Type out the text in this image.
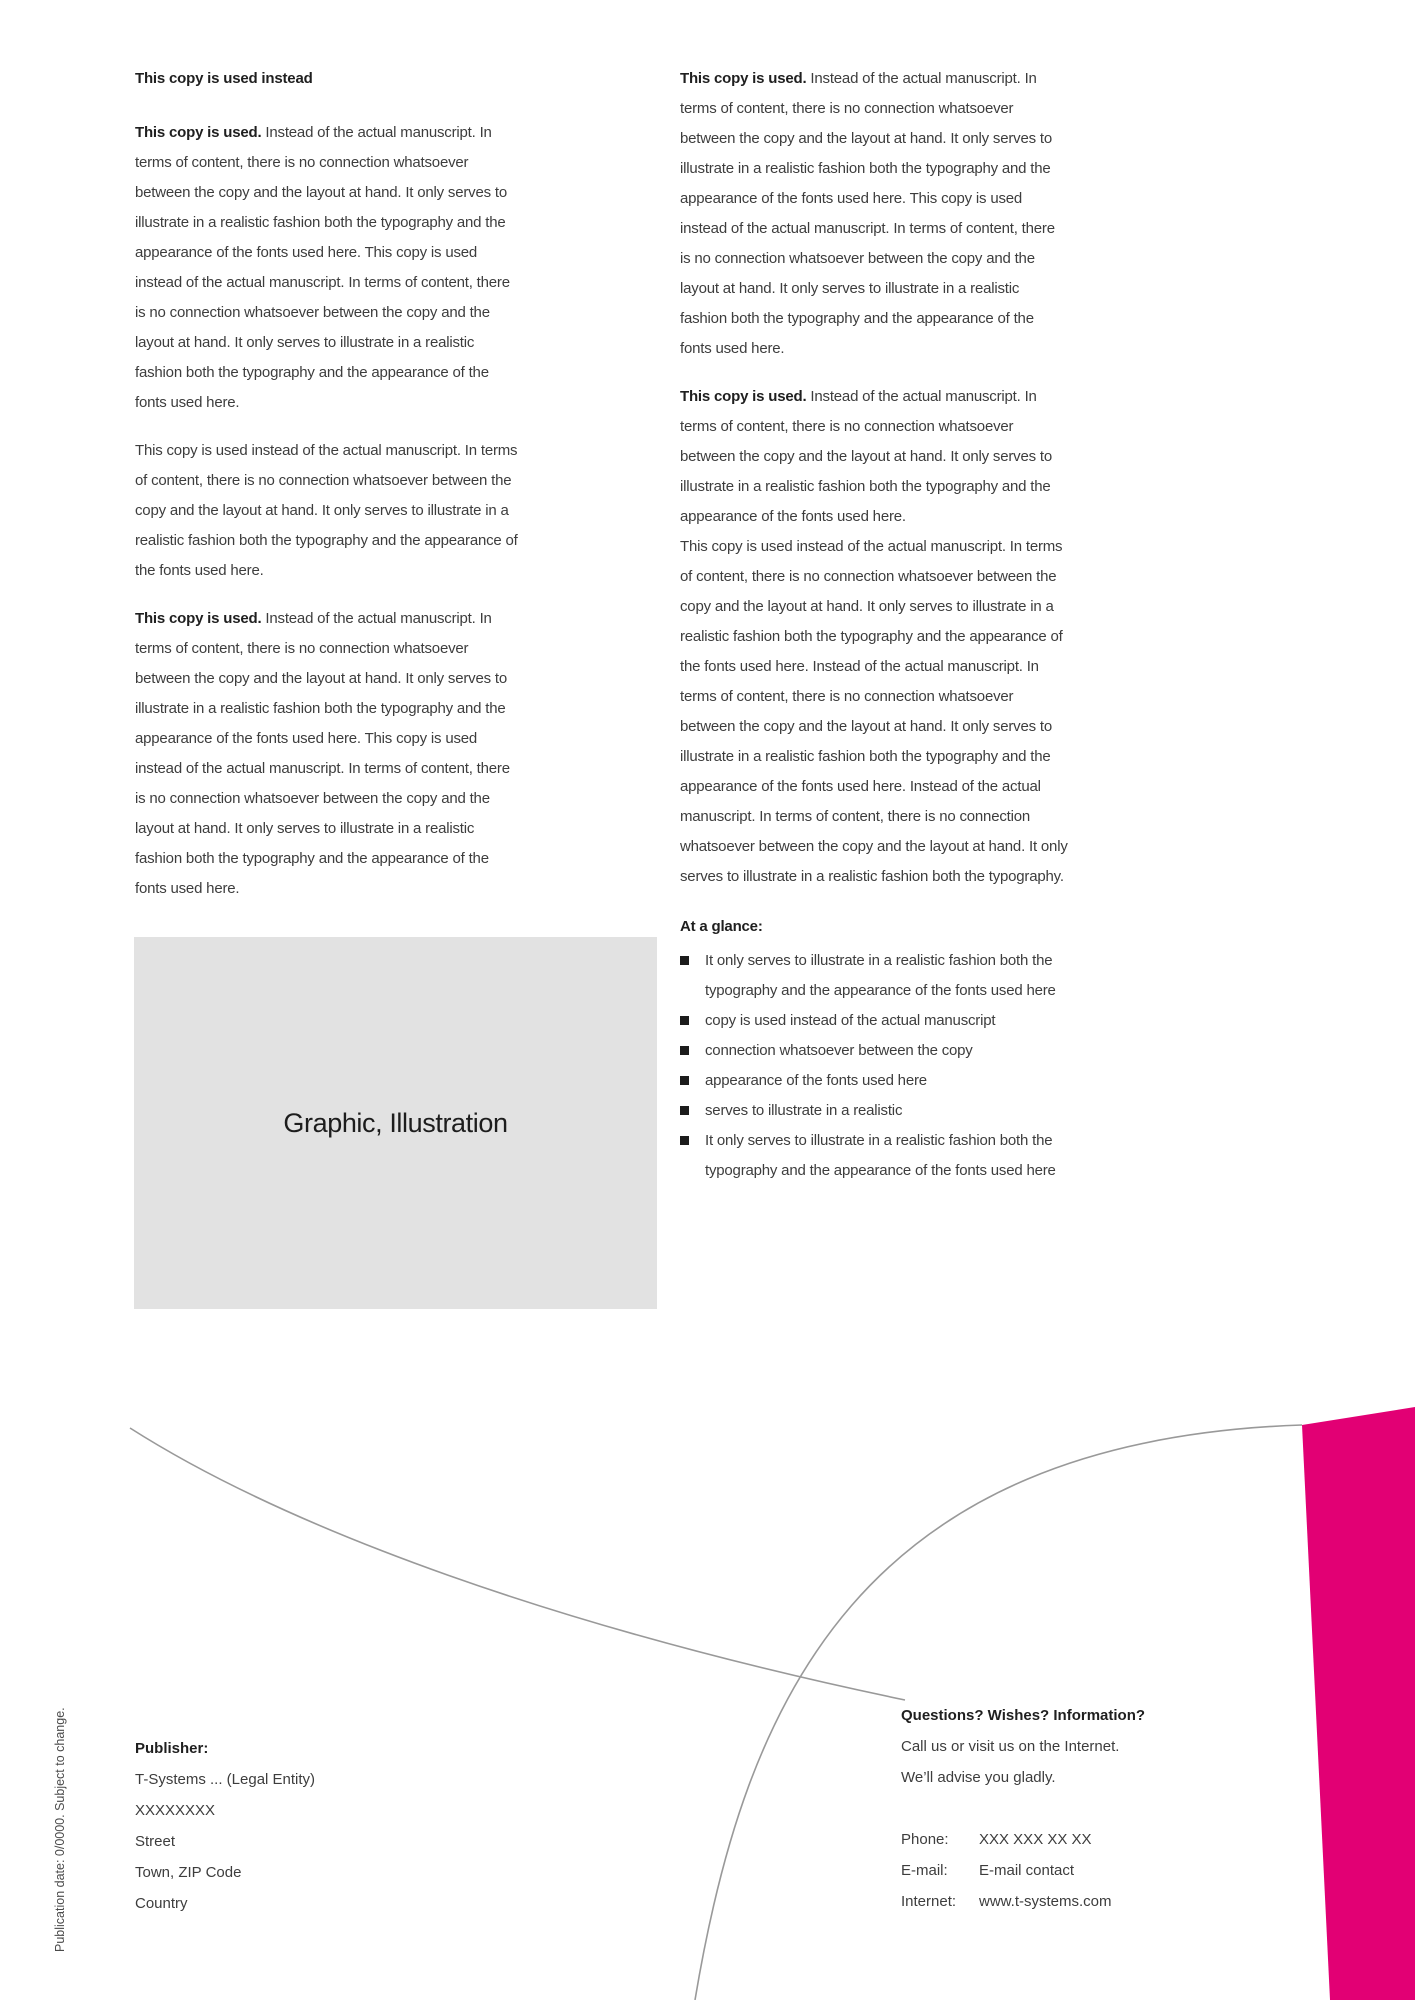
This copy is used instead

This copy is used. Instead of the actual manuscript. In terms of content, there is no connection whatsoever between the copy and the layout at hand. It only serves to illustrate in a realistic fashion both the typography and the appearance of the fonts used here. This copy is used instead of the actual manuscript. In terms of content, there is no connection whatsoever between the copy and the layout at hand. It only serves to illustrate in a realistic fashion both the typography and the appearance of the fonts used here.

This copy is used instead of the actual manuscript. In terms of content, there is no connection whatsoever between the copy and the layout at hand. It only serves to illustrate in a realistic fashion both the typography and the appearance of the fonts used here.

This copy is used. Instead of the actual manuscript. In terms of content, there is no connection whatsoever between the copy and the layout at hand. It only serves to illustrate in a realistic fashion both the typography and the appearance of the fonts used here. This copy is used instead of the actual manuscript. In terms of content, there is no connection whatsoever between the copy and the layout at hand. It only serves to illustrate in a realistic fashion both the typography and the appearance of the fonts used here.

Graphic, Illustration

This copy is used. Instead of the actual manuscript. In terms of content, there is no connection whatsoever between the copy and the layout at hand. It only serves to illustrate in a realistic fashion both the typography and the appearance of the fonts used here. This copy is used instead of the actual manuscript. In terms of content, there is no connection whatsoever between the copy and the layout at hand. It only serves to illustrate in a realistic fashion both the typography and the appearance of the fonts used here.

This copy is used. Instead of the actual manuscript. In terms of content, there is no connection whatsoever between the copy and the layout at hand. It only serves to illustrate in a realistic fashion both the typography and the appearance of the fonts used here.

This copy is used instead of the actual manuscript. In terms of content, there is no connection whatsoever between the copy and the layout at hand. It only serves to illustrate in a realistic fashion both the typography and the appearance of the fonts used here. Instead of the actual manuscript. In terms of content, there is no connection whatsoever between the copy and the layout at hand. It only serves to illustrate in a realistic fashion both the typography and the appearance of the fonts used here. Instead of the actual manuscript. In terms of content, there is no connection whatsoever between the copy and the layout at hand. It only serves to illustrate in a realistic fashion both the typography.

At a glance:
It only serves to illustrate in a realistic fashion both the typography and the appearance of the fonts used here
copy is used instead of the actual manuscript
connection whatsoever between the copy
appearance of the fonts used here
serves to illustrate in a realistic
It only serves to illustrate in a realistic fashion both the typography and the appearance of the fonts used here
Publication date: 0/0000. Subject to change.	Publisher:
T-Systems ... (Legal Entity)
XXXXXXXX
Street
Town, ZIP Code
Country
Questions? Wishes? Information?
Call us or visit us on the Internet.
We’ll advise you gladly.
Phone:	XXX XXX XX XX
E-mail:	E-mail contact
Internet:	www.t-systems.com
